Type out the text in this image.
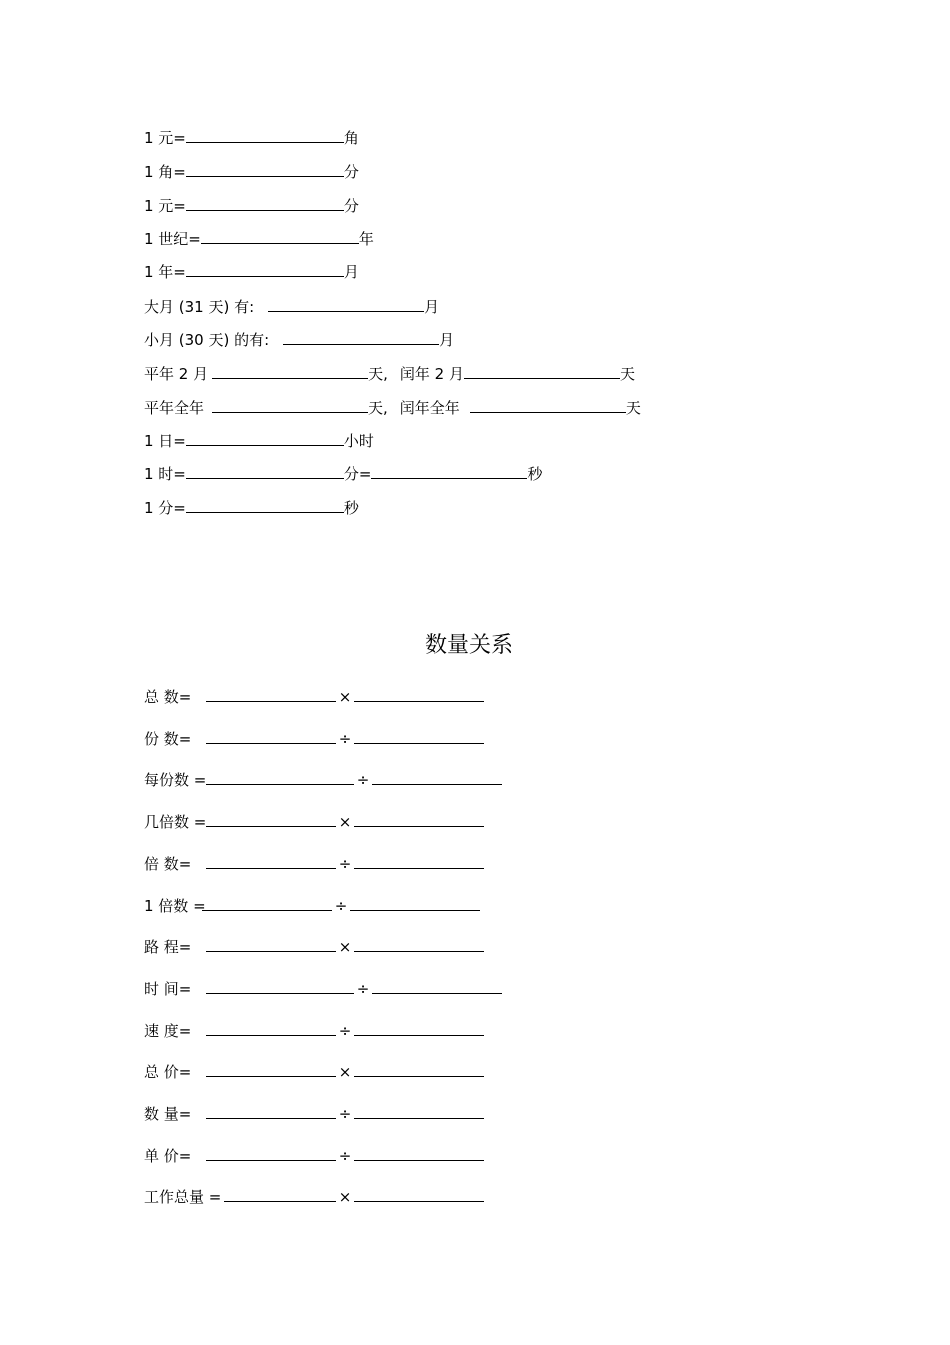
1 元=	角
1 角=	分
1 元=	分
1 世纪=	年
1 年=	月
大月 (31 天) 有:	月
小月 (30 天) 的有:	月
平年 2 月	天, 闰年 2 月	天
平年全年	天, 闰年全年	天
1 日=	小时
1 时=	分=	秒
1 分=	秒
数量关系
总 数=	×
份 数=	÷
每份数 =	÷
几倍数 =	×
倍 数=	÷
1 倍数 =	÷
路 程=	×
时 间=	÷
速 度=	÷
总 价=	×
数 量=	÷
单 价=	÷
工作总量 =	×
